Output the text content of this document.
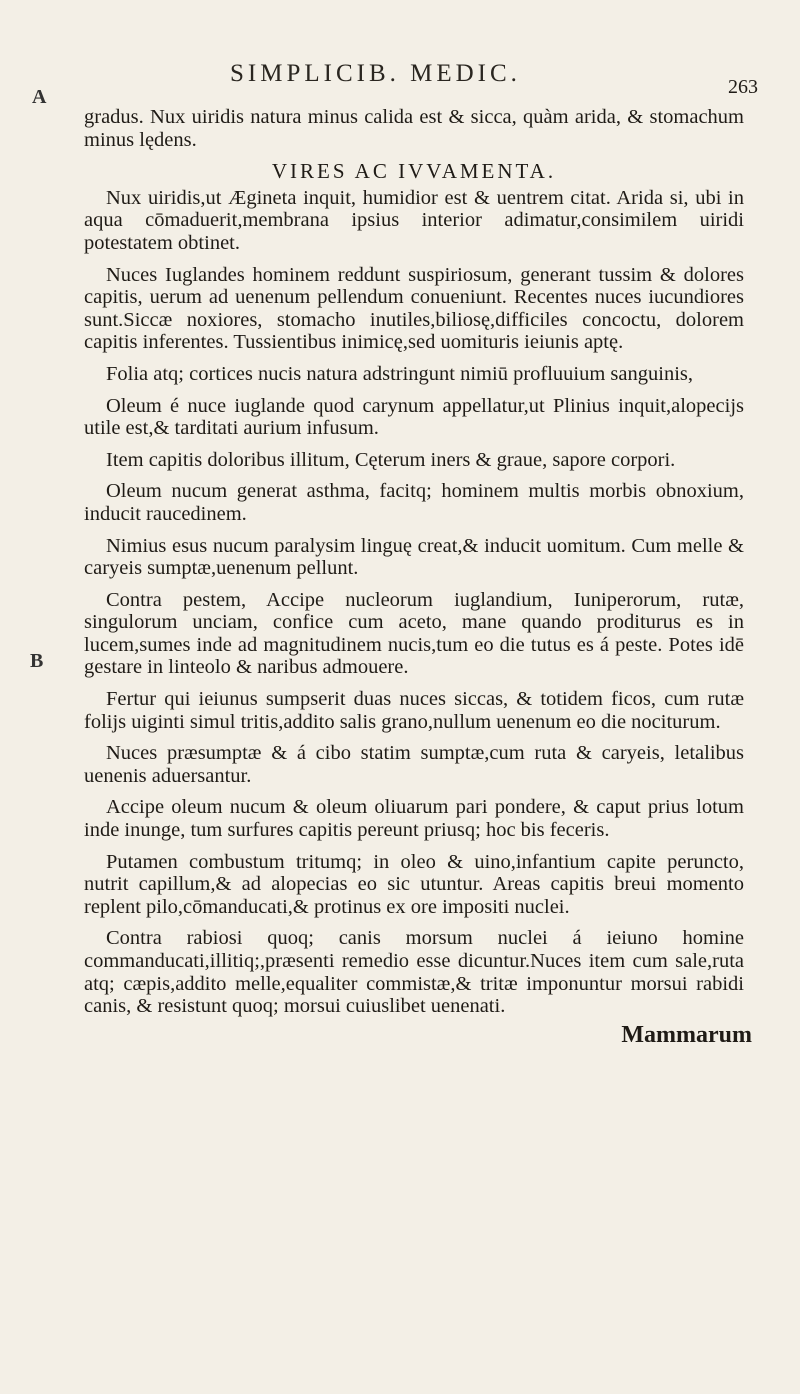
A
B
SIMPLICIB. MEDIC.	263

gradus. Nux uiridis natura minus calida est & sicca, quàm arida, & stomachum minus lędens.

VIRES AC IVVAMENTA.

Nux uiridis,ut Ægineta inquit, humidior est & uentrem citat. Arida si, ubi in aqua cōmaduerit,membrana ipsius interior adimatur,consimilem uiridi potestatem obtinet.

Nuces Iuglandes hominem reddunt suspiriosum, generant tussim & dolores capitis, uerum ad uenenum pellendum conueniunt. Recentes nuces iucundiores sunt.Siccæ noxiores, stomacho inutiles,biliosę,difficiles concoctu, dolorem capitis inferentes. Tussientibus inimicę,sed uomituris ieiunis aptę.

Folia atq; cortices nucis natura adstringunt nimiū profluuium sanguinis,

Oleum é nuce iuglande quod carynum appellatur,ut Plinius inquit,alopecijs utile est,& tarditati aurium infusum.

Item capitis doloribus illitum, Cęterum iners & graue, sapore corpori.

Oleum nucum generat asthma, facitq; hominem multis morbis obnoxium, inducit raucedinem.

Nimius esus nucum paralysim linguę creat,& inducit uomitum. Cum melle & caryeis sumptæ,uenenum pellunt.

Contra pestem, Accipe nucleorum iuglandium, Iuniperorum, rutæ, singulorum unciam, confice cum aceto, mane quando proditurus es in lucem,sumes inde ad magnitudinem nucis,tum eo die tutus es á peste. Potes idē gestare in linteolo & naribus admouere.

Fertur qui ieiunus sumpserit duas nuces siccas, & totidem ficos, cum rutæ folijs uiginti simul tritis,addito salis grano,nullum uenenum eo die nociturum.

Nuces præsumptæ & á cibo statim sumptæ,cum ruta & caryeis, letalibus uenenis aduersantur.

Accipe oleum nucum & oleum oliuarum pari pondere, & caput prius lotum inde inunge, tum surfures capitis pereunt priusq; hoc bis feceris.

Putamen combustum tritumq; in oleo & uino,infantium capite perunctо, nutrit capillum,& ad alopecias eo sic utuntur. Areas capitis breui momento replent pilo,cōmanducati,& protinus ex ore impositi nuclei.

Contra rabiosi quoq; canis morsum nuclei á ieiuno homine commanducati,illitiq;,præsenti remedio esse dicuntur.Nuces item cum sale,ruta atq; cæpis,addito melle,equaliter commistæ,& tritæ imponuntur morsui rabidi canis, & resistunt quoq; morsui cuiuslibet uenenati.

Mammarum
